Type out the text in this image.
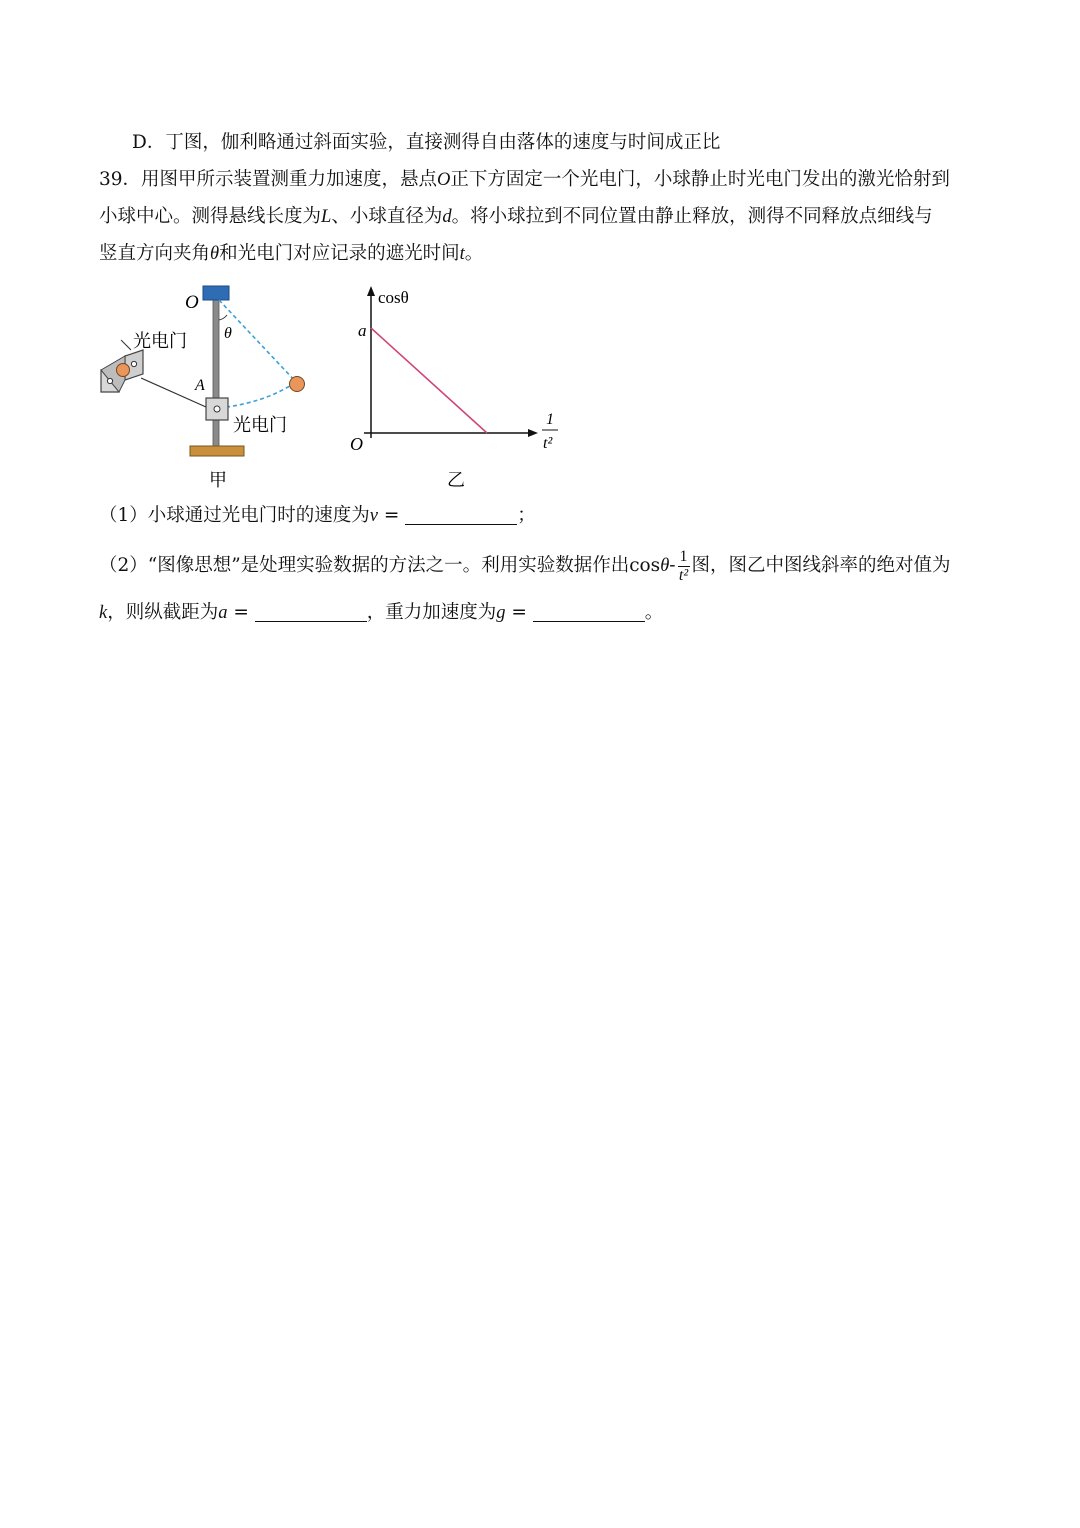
D．丁图，伽利略通过斜面实验，直接测得自由落体的速度与时间成正比
39．用图甲所示装置测重力加速度，悬点O正下方固定一个光电门，小球静止时光电门发出的激光恰射到
小球中心。测得悬线长度为L、小球直径为d。将小球拉到不同位置由静止释放，测得不同释放点细线与
竖直方向夹角θ和光电门对应记录的遮光时间t。
O
θ
A
光电门
光电门
甲
cosθ
a
O
1
t²
乙
（1）小球通过光电门时的速度为v =	；
（2）“图像思想”是处理实验数据的方法之一。利用实验数据作出$\cos\theta- \frac{1}{\text{t²}}$ 图，图乙中图线斜率的绝对值为
k，则纵截距为a =	，重力加速度为g =	。
